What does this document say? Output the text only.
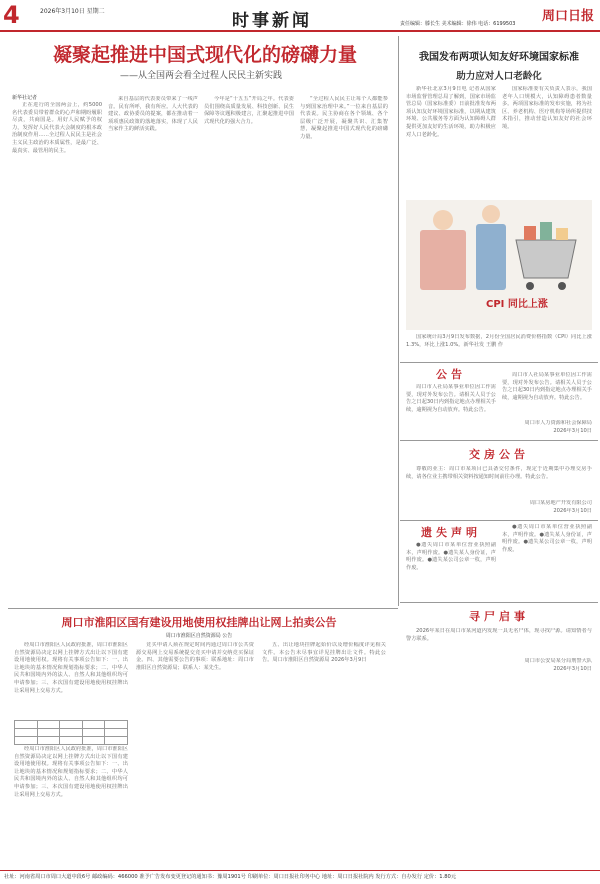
4	2026年3月10日 星期二	时事新闻	周口日报
责任编辑：滕长生 美术编辑：徐伟 电话：6199503
凝聚起推进中国式现代化的磅礴力量
——从全国两会看全过程人民民主新实践
新华社记者

正在进行的全国两会上，约5000名代表委员带着群众的心声和期盼履职尽责，共商国是。用好人民赋予的权力，发挥好人民代表大会制度的根本政治制度作用……全过程人民民主是社会主义民主政治的本质属性，是最广泛、最真实、最管用的民主。

来自基层的代表委员带来了一线声音。民有所呼，我有所应。人大代表的建议、政协委员的提案，都在推动着一项项惠民政策的落地落实，体现了人民当家作主的鲜活实践。

今年是“十五五”开局之年。代表委员们围绕高质量发展、科技创新、民生保障等议题积极建言，汇聚起推进中国式现代化的强大合力。

“全过程人民民主让每个人都能参与到国家治理中来。”一位来自基层的代表说。民主协商在各个领域、各个层级广泛开展，凝聚共识、汇集智慧，凝聚起推进中国式现代化的磅礴力量。

我国发布两项认知友好环境国家标准
助力应对人口老龄化

新华社北京3月9日电 记者从国家市场监督管理总局了解到，国家市场监管总局（国家标准委）日前批准发布两项认知友好环境国家标准，以期从建筑环境、公共服务等方面为认知障碍人群提供更加友好的生活环境，助力积极应对人口老龄化。

国家标准委有关负责人表示，我国老年人口规模大，认知障碍患者数量多。两项国家标准的发布实施，将为社区、养老机构、医疗机构等场所提供技术指引，推动营造认知友好的社会环境。

CPI 同比上涨

国家统计局3月9日发布数据，2月份全国居民消费价格指数（CPI）同比上涨1.3%，环比上涨1.0%。新华社发 王鹏 作

公告

周口市人社局某事业单位因工作需要，现对外发布公告。请相关人员于公告之日起30日内到指定地点办理相关手续，逾期视为自动放弃。特此公告。

周口市人社局某事业单位因工作需要，现对外发布公告。请相关人员于公告之日起30日内到指定地点办理相关手续，逾期视为自动放弃。特此公告。

周口市人力资源和社会保障局
2026年3月10日
交房公告

尊敬的业主：周口市某项目已具备交付条件，现定于近期集中办理交房手续，请各位业主携带相关资料按通知时间前往办理。特此公告。

周口某房地产开发有限公司
2026年3月10日
遗失声明

●遗失周口市某单位营业执照副本，声明作废。●遗失某人身份证，声明作废。●遗失某公司公章一枚，声明作废。

●遗失周口市某单位营业执照副本，声明作废。●遗失某人身份证，声明作废。●遗失某公司公章一枚，声明作废。

寻尸启事

2026年某日在周口市某河道内发现一具无名尸体，现寻找尸源。请知情者与警方联系。

周口市公安局某分局刑警大队
2026年3月10日
周口市淮阳区国有建设用地使用权挂牌出让网上拍卖公告
周口市淮阳区自然资源局 公告

经周口市淮阳区人民政府批准，周口市淮阳区自然资源局决定以网上挂牌方式出让以下国有建设用地使用权。现将有关事项公告如下：一、出让地块的基本情况和规划指标要求；二、中华人民共和国境内外的法人、自然人和其他组织均可申请参加；三、本次国有建设用地使用权挂牌出让采用网上交易方式。

经周口市淮阳区人民政府批准，周口市淮阳区自然资源局决定以网上挂牌方式出让以下国有建设用地使用权。现将有关事项公告如下：一、出让地块的基本情况和规划指标要求；二、中华人民共和国境内外的法人、自然人和其他组织均可申请参加；三、本次国有建设用地使用权挂牌出让采用网上交易方式。

竞买申请人须在规定时间内通过周口市公共资源交易网上交易系统提交竞买申请并交纳竞买保证金。四、其他需要公告的事项：联系地址：周口市淮阳区自然资源局；联系人：某先生。

五、出让地块挂牌起始价以及增价幅度详见相关文件。本公告未尽事宜详见挂牌出让文件。特此公告。周口市淮阳区自然资源局 2026年3月9日

社址：河南省周口市周口大道中段6号 邮政编码：466000 准予广告发布变更登记的通知书：豫周1901号 印刷单位：周口日报社印务中心 地址：周口日报社院内 发行方式：自办发行 定价：1.80元
